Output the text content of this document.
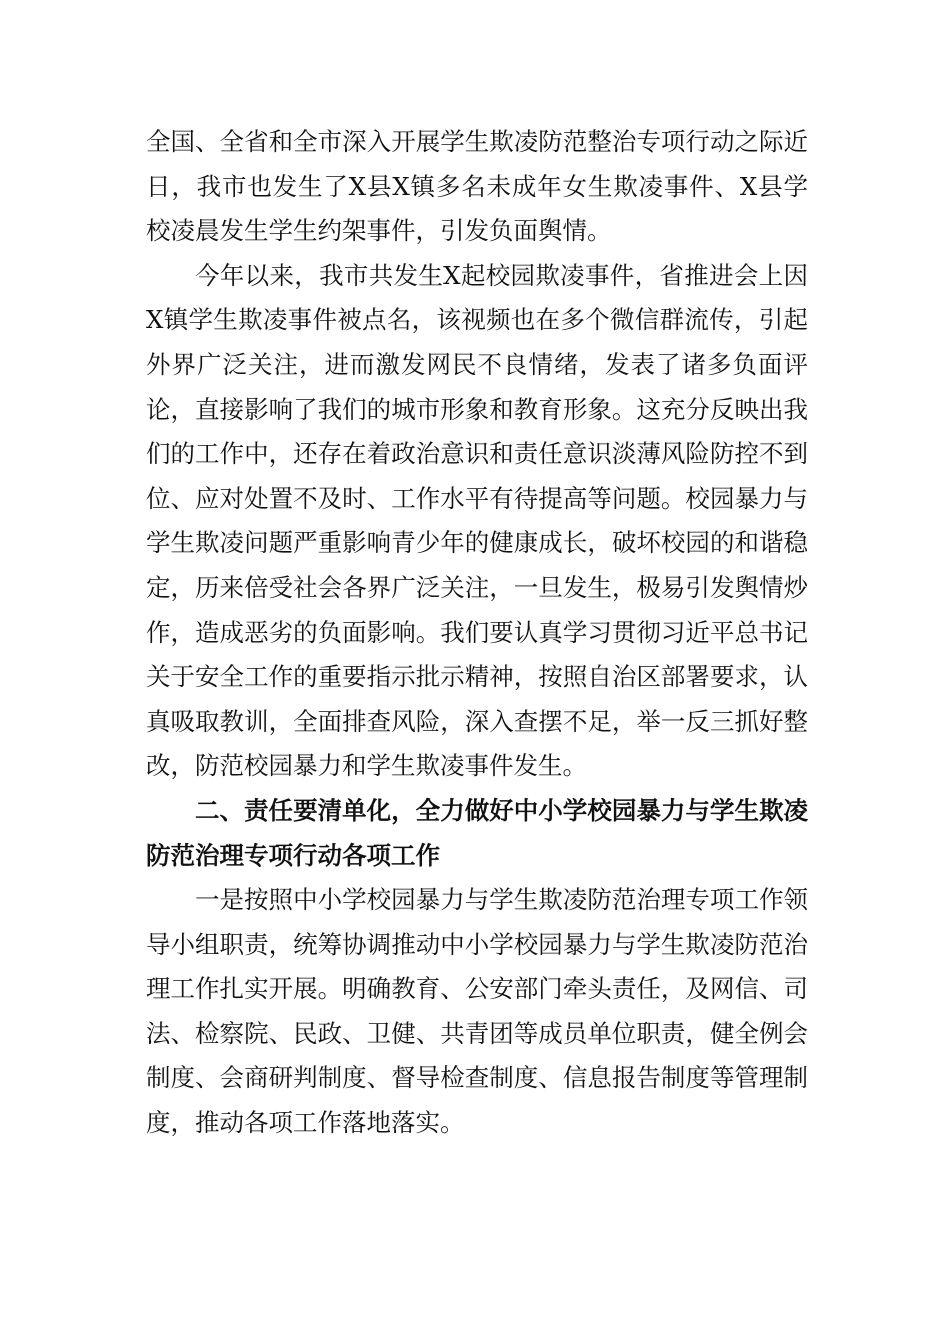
全国、全省和全市深入开展学生欺凌防范整治专项行动之际近日，我市也发生了X县X镇多名未成年女生欺凌事件、X县学校凌晨发生学生约架事件，引发负面舆情。

今年以来，我市共发生X起校园欺凌事件，省推进会上因X镇学生欺凌事件被点名，该视频也在多个微信群流传，引起外界广泛关注，进而激发网民不良情绪，发表了诸多负面评论，直接影响了我们的城市形象和教育形象。这充分反映出我们的工作中，还存在着政治意识和责任意识淡薄风险防控不到位、应对处置不及时、工作水平有待提高等问题。校园暴力与学生欺凌问题严重影响青少年的健康成长，破坏校园的和谐稳定，历来倍受社会各界广泛关注，一旦发生，极易引发舆情炒作，造成恶劣的负面影响。我们要认真学习贯彻习近平总书记关于安全工作的重要指示批示精神，按照自治区部署要求，认真吸取教训，全面排查风险，深入查摆不足，举一反三抓好整改，防范校园暴力和学生欺凌事件发生。

二、责任要清单化，全力做好中小学校园暴力与学生欺凌防范治理专项行动各项工作

一是按照中小学校园暴力与学生欺凌防范治理专项工作领导小组职责，统筹协调推动中小学校园暴力与学生欺凌防范治理工作扎实开展。明确教育、公安部门牵头责任，及网信、司法、检察院、民政、卫健、共青团等成员单位职责，健全例会制度、会商研判制度、督导检查制度、信息报告制度等管理制度，推动各项工作落地落实。
